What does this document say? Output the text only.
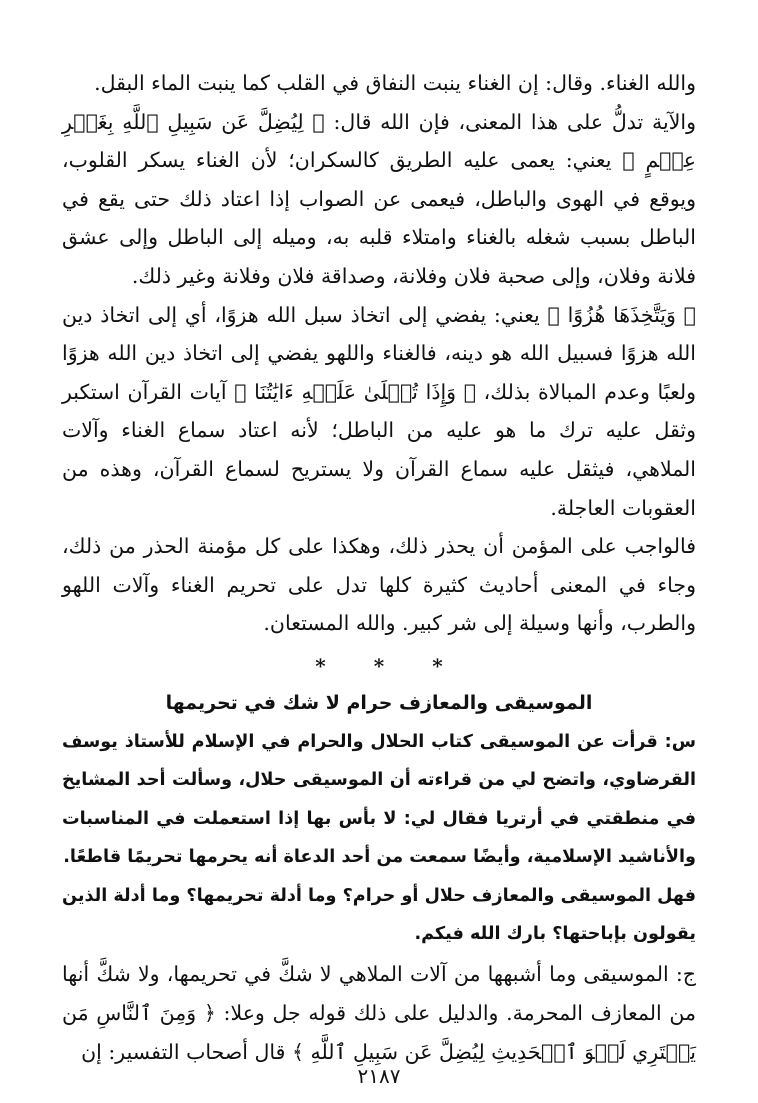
والله الغناء. وقال: إن الغناء ينبت النفاق في القلب كما ينبت الماء البقل.

والآية تدلُّ على هذا المعنى، فإن الله قال: ﴿ لِيُضِلَّ عَن سَبِيلِ ٱللَّهِ بِغَيۡرِ عِلۡمٍ ﴾ يعني: يعمى عليه الطريق كالسكران؛ لأن الغناء يسكر القلوب، ويوقع في الهوى والباطل، فيعمى عن الصواب إذا اعتاد ذلك حتى يقع في الباطل بسبب شغله بالغناء وامتلاء قلبه به، وميله إلى الباطل وإلى عشق فلانة وفلان، وإلى صحبة فلان وفلانة، وصداقة فلان وفلانة وغير ذلك.

﴿ وَيَتَّخِذَهَا هُزُوًا ﴾ يعني: يفضي إلى اتخاذ سبل الله هزوًا، أي إلى اتخاذ دين الله هزوًا فسبيل الله هو دينه، فالغناء واللهو يفضي إلى اتخاذ دين الله هزوًا ولعبًا وعدم المبالاة بذلك، ﴿ وَإِذَا تُتۡلَىٰ عَلَيۡهِ ءَايَٰتُنَا ﴾ آيات القرآن استكبر وثقل عليه ترك ما هو عليه من الباطل؛ لأنه اعتاد سماع الغناء وآلات الملاهي، فيثقل عليه سماع القرآن ولا يستريح لسماع القرآن، وهذه من العقوبات العاجلة.

فالواجب على المؤمن أن يحذر ذلك، وهكذا على كل مؤمنة الحذر من ذلك، وجاء في المعنى أحاديث كثيرة كلها تدل على تحريم الغناء وآلات اللهو والطرب، وأنها وسيلة إلى شر كبير. والله المستعان.

* * *
الموسيقى والمعازف حرام لا شك في تحريمها

س: قرأت عن الموسيقى كتاب الحلال والحرام في الإسلام للأستاذ يوسف القرضاوي، واتضح لي من قراءته أن الموسيقى حلال، وسألت أحد المشايخ في منطقتي في أرتريا فقال لي: لا بأس بها إذا استعملت في المناسبات والأناشيد الإسلامية، وأيضًا سمعت من أحد الدعاة أنه يحرمها تحريمًا قاطعًا.

فهل الموسيقى والمعازف حلال أو حرام؟ وما أدلة تحريمها؟ وما أدلة الذين يقولون بإباحتها؟ بارك الله فيكم.

ج: الموسيقى وما أشبهها من آلات الملاهي لا شكَّ في تحريمها، ولا شكَّ أنها من المعازف المحرمة. والدليل على ذلك قوله جل وعلا: ﴿ وَمِنَ ٱلنَّاسِ مَن يَشۡتَرِي لَهۡوَ ٱلۡحَدِيثِ لِيُضِلَّ عَن سَبِيلِ ٱللَّهِ ﴾ قال أصحاب التفسير: إن

٢١٨٧
